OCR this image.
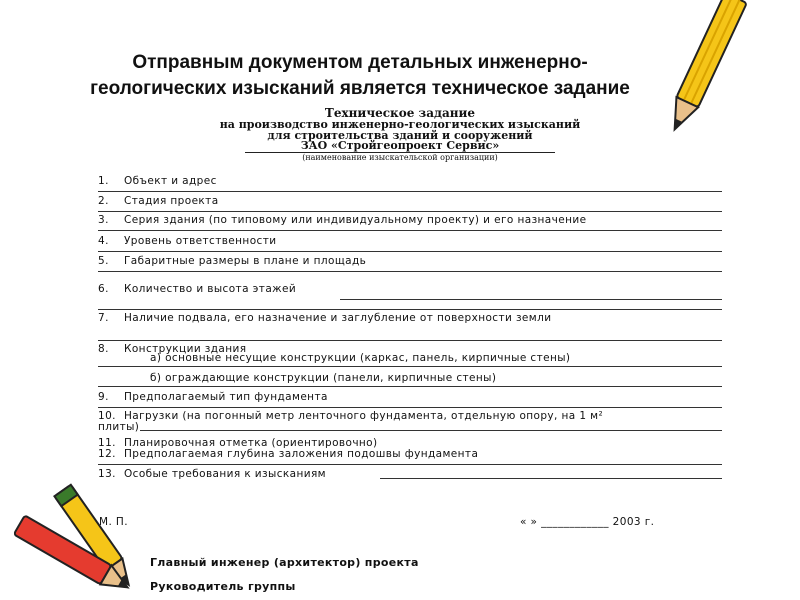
Отправным документом детальных инженерно-
геологических изысканий является техническое задание
Техническое задание
на производство инженерно-геологических изысканий
для строительства зданий и сооружений
ЗАО «Стройгеопроект Сервис»
(наименование изыскательской организации)
1. Объект и адрес
2. Стадия проекта
3. Серия здания (по типовому или индивидуальному проекту) и его назначение
4. Уровень ответственности
5. Габаритные размеры в плане и площадь
6. Количество и высота этажей
7. Наличие подвала, его назначение и заглубление от поверхности земли
8. Конструкции здания
а) основные несущие конструкции (каркас, панель, кирпичные стены)
б) ограждающие конструкции (панели, кирпичные стены)
9. Предполагаемый тип фундамента
10. Нагрузки (на погонный метр ленточного фундамента, отдельную опору, на 1 м²
плиты)
11. Планировочная отметка (ориентировочно)
12. Предполагаемая глубина заложения подошвы фундамента
13. Особые требования к изысканиям
М. П.	« » ____________ 2003 г.
Главный инженер (архитектор) проекта
Руководитель группы
